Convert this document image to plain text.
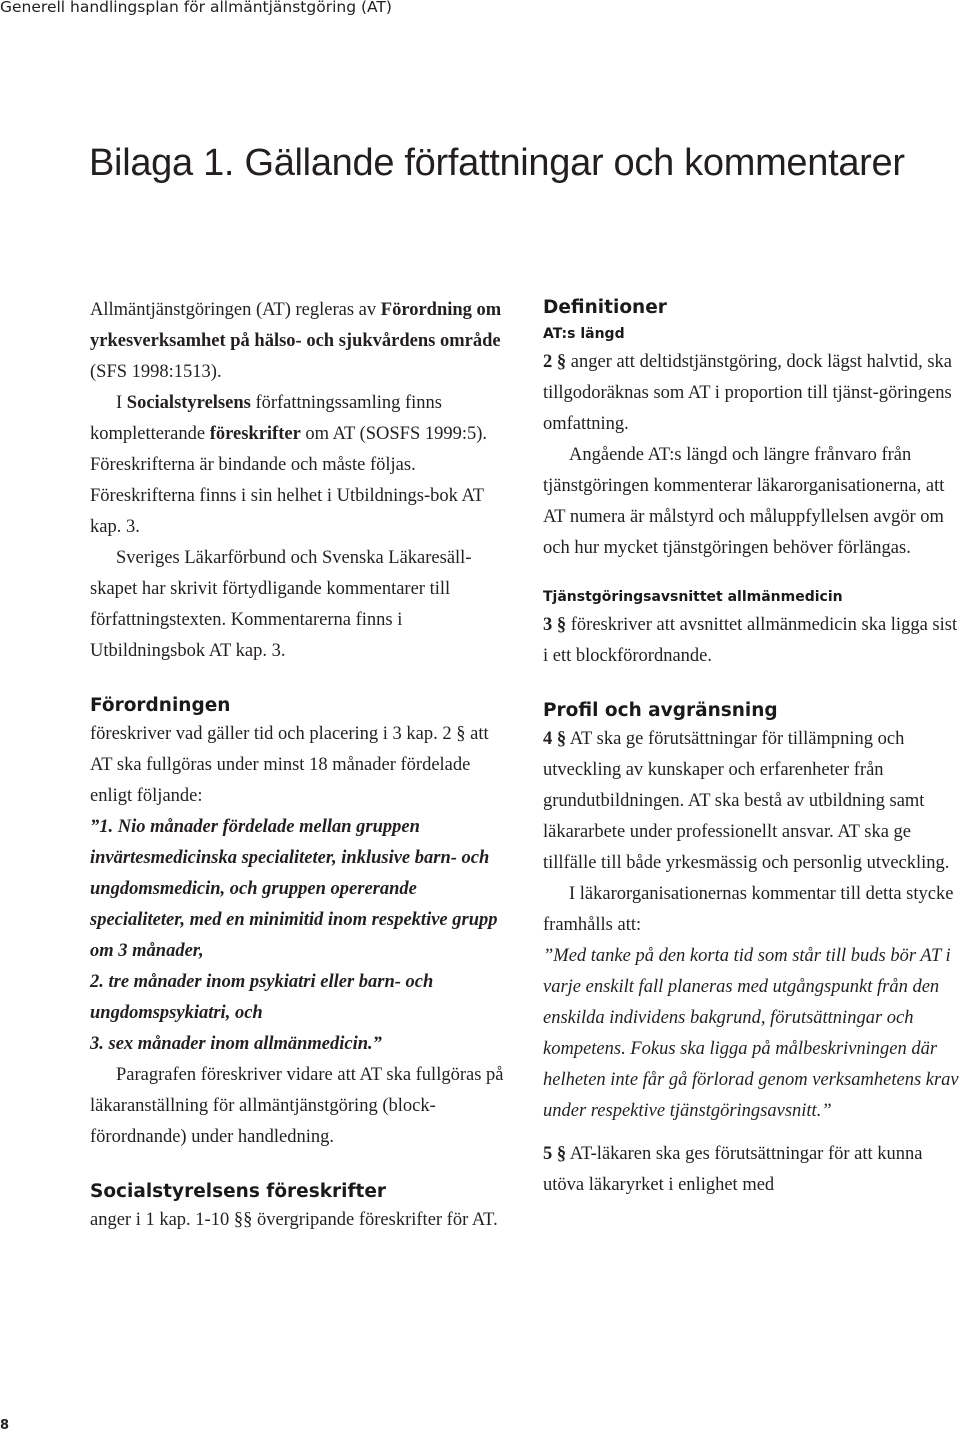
Generell handlingsplan för allmäntjänstgöring (AT)
Bilaga 1. Gällande författningar och kommentarer

Allmäntjänstgöringen (AT) regleras av Förordning om yrkesverksamhet på hälso- och sjukvårdens område (SFS 1998:1513).

I Socialstyrelsens författningssamling finns kompletterande föreskrifter om AT (SOSFS 1999:5). Föreskrifterna är bindande och måste följas. Föreskrifterna finns i sin helhet i Utbildnings-bok AT kap. 3.

Sveriges Läkarförbund och Svenska Läkaresäll-skapet har skrivit förtydligande kommentarer till författningstexten. Kommentarerna finns i Utbildningsbok AT kap. 3.

Förordningen

föreskriver vad gäller tid och placering i 3 kap. 2 § att AT ska fullgöras under minst 18 månader fördelade enligt följande:

”1. Nio månader fördelade mellan gruppen invärtesmedicinska specialiteter, inklusive barn- och ungdomsmedicin, och gruppen opererande specialiteter, med en minimitid inom respektive grupp om 3 månader,

2. tre månader inom psykiatri eller barn- och ungdomspsykiatri, och

3. sex månader inom allmänmedicin.”

Paragrafen föreskriver vidare att AT ska fullgöras på läkaranställning för allmäntjänstgöring (block-förordnande) under handledning.

Socialstyrelsens föreskrifter

anger i 1 kap. 1-10 §§ övergripande föreskrifter för AT.

Definitioner
AT:s längd

2 § anger att deltidstjänstgöring, dock lägst halvtid, ska tillgodoräknas som AT i proportion till tjänst-göringens omfattning.

Angående AT:s längd och längre frånvaro från tjänstgöringen kommenterar läkarorganisationerna, att AT numera är målstyrd och måluppfyllelsen avgör om och hur mycket tjänstgöringen behöver förlängas.

Tjänstgöringsavsnittet allmänmedicin

3 § föreskriver att avsnittet allmänmedicin ska ligga sist i ett blockförordnande.

Profil och avgränsning

4 § AT ska ge förutsättningar för tillämpning och utveckling av kunskaper och erfarenheter från grundutbildningen. AT ska bestå av utbildning samt läkararbete under professionellt ansvar. AT ska ge tillfälle till både yrkesmässig och personlig utveckling.

I läkarorganisationernas kommentar till detta stycke framhålls att:

”Med tanke på den korta tid som står till buds bör AT i varje enskilt fall planeras med utgångspunkt från den enskilda individens bakgrund, förutsättningar och kompetens. Fokus ska ligga på målbeskrivningen där helheten inte får gå förlorad genom verksamhetens krav under respektive tjänstgöringsavsnitt.”

5 § AT-läkaren ska ges förutsättningar för att kunna utöva läkaryrket i enlighet med

8
